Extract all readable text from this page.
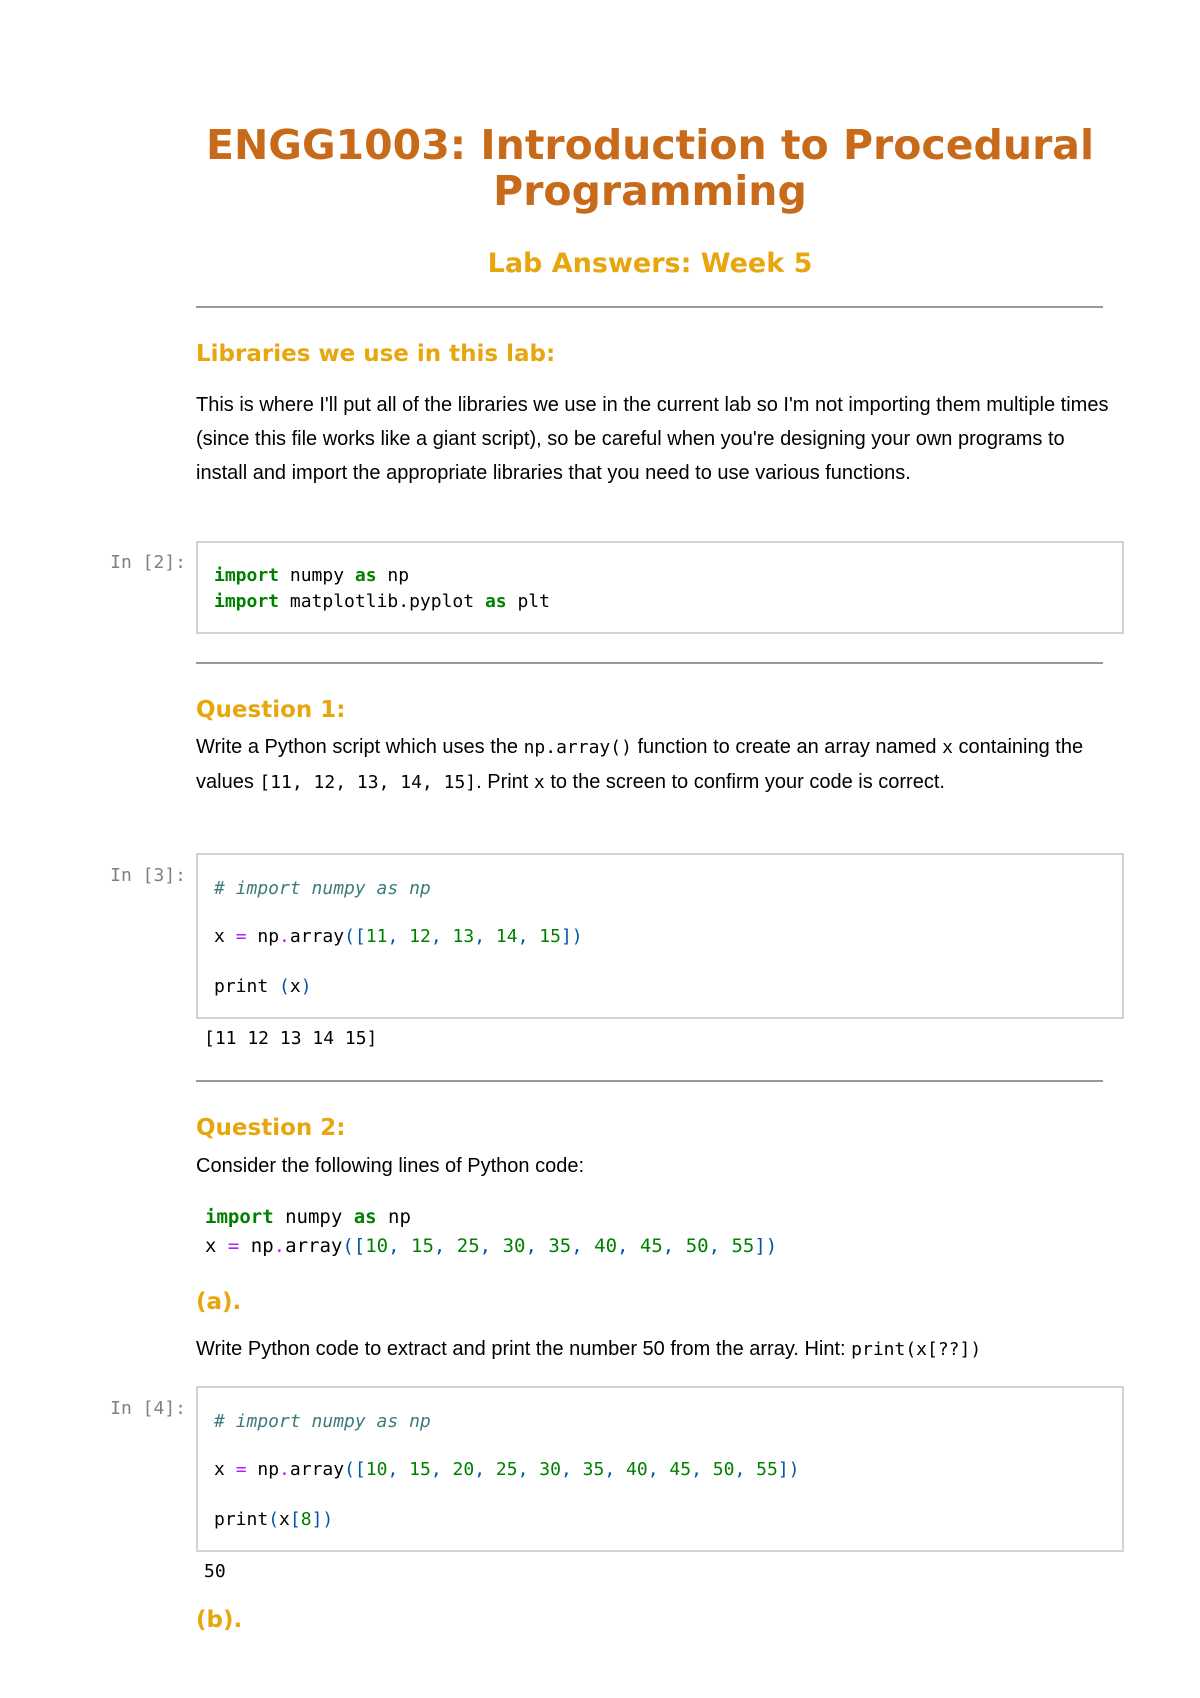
ENGG1003: Introduction to Procedural Programming
Lab Answers: Week 5
Libraries we use in this lab:
This is where I'll put all of the libraries we use in the current lab so I'm not importing them multiple times (since this file works like a giant script), so be careful when you're designing your own programs to install and import the appropriate libraries that you need to use various functions.
In [2]:
import numpy as np
import matplotlib.pyplot as plt
Question 1:
Write a Python script which uses the np.array() function to create an array named x containing the values [11, 12, 13, 14, 15]. Print x to the screen to confirm your code is correct.
In [3]:
# import numpy as np
x = np.array([11, 12, 13, 14, 15])
print (x)
[11 12 13 14 15]
Question 2:
Consider the following lines of Python code:
import numpy as np
x = np.array([10, 15, 25, 30, 35, 40, 45, 50, 55])
(a).
Write Python code to extract and print the number 50 from the array. Hint: print(x[??])
In [4]:
# import numpy as np
x = np.array([10, 15, 20, 25, 30, 35, 40, 45, 50, 55])
print(x[8])
50
(b).
